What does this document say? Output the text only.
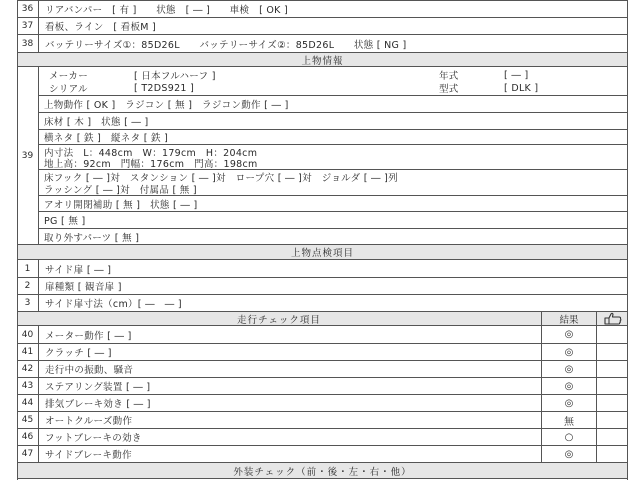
36	リアバンパー　[ 有 ]　　状態　[ ― ]　　車検　[ OK ]
37	看板、ライン　[ 看板M ]
38	バッテリーサイズ①：85D26L　　バッテリーサイズ②：85D26L　　状態 [ NG ]
上物情報
39
メーカー	[ 日本フルハーフ ]	年式	[ ― ]
シリアル	[ T2DS921 ]	型式	[ DLK ]
上物動作 [ OK ]　ラジコン [ 無 ]　ラジコン動作 [ ― ]
床材 [ 木 ]　状態 [ ― ]
横ネタ [ 鉄 ]　縦ネタ [ 鉄 ]
内寸法　L：448cm　W：179cm　H：204cm
地上高：92cm　門幅：176cm　門高：198cm
床フック [ ― ]対　スタンション [ ― ]対　ロープ穴 [ ― ]対　ジョルダ [ ― ]列
ラッシング [ ― ]対　付属品 [ 無 ]
アオリ開閉補助 [ 無 ]　状態 [ ― ]
PG [ 無 ]
取り外すパーツ [ 無 ]
上物点検項目
1	サイド扉 [ ― ]
2	扉種類 [ 観音扉 ]
3	サイド扉寸法（cm）[ ―　― ]
走行チェック項目	結果
40	メーター動作 [ ― ]	◎
41	クラッチ [ ― ]	◎
42	走行中の振動、騒音	◎
43	ステアリング装置 [ ― ]	◎
44	排気ブレーキ効き [ ― ]	◎
45	オートクルーズ動作	無
46	フットブレーキの効き	○
47	サイドブレーキ動作	◎
外装チェック（前・後・左・右・他）
